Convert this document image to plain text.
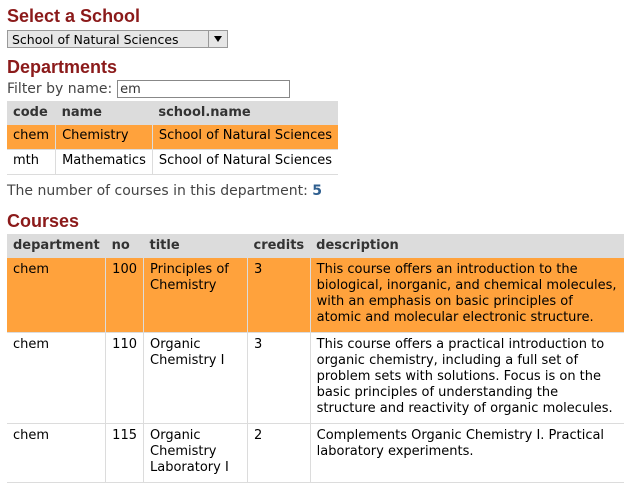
Select a School
School of Natural Sciences
Departments
Filter by name:
em
code	name	school.name
chem	Chemistry	School of Natural Sciences
mth	Mathematics	School of Natural Sciences
The number of courses in this department: 5
Courses
department	no	title	credits	description
chem	100	Principles of Chemistry	3	This course offers an introduction to the biological, inorganic, and chemical molecules, with an emphasis on basic principles of atomic and molecular electronic structure.
chem	110	Organic Chemistry I	3	This course offers a practical introduction to organic chemistry, including a full set of problem sets with solutions. Focus is on the basic principles of understanding the structure and reactivity of organic molecules.
chem	115	Organic Chemistry Laboratory I	2	Complements Organic Chemistry I. Practical laboratory experiments.
